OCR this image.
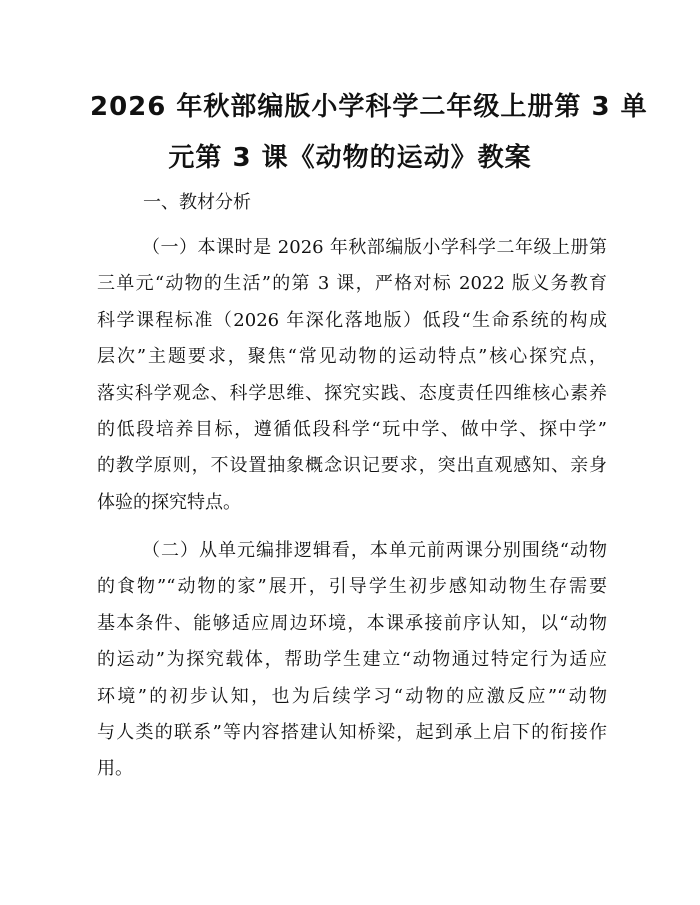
2026 年秋部编版小学科学二年级上册第 3 单
元第 3 课《动物的运动》教案

一、教材分析

（一）本课时是 2026 年秋部编版小学科学二年级上册第
三单元“动物的生活”的第 3 课，严格对标 2022 版义务教育
科学课程标准（2026 年深化落地版）低段“生命系统的构成
层次”主题要求，聚焦“常见动物的运动特点”核心探究点，
落实科学观念、科学思维、探究实践、态度责任四维核心素养
的低段培养目标，遵循低段科学“玩中学、做中学、探中学”
的教学原则，不设置抽象概念识记要求，突出直观感知、亲身
体验的探究特点。

（二）从单元编排逻辑看，本单元前两课分别围绕“动物
的食物”“动物的家”展开，引导学生初步感知动物生存需要
基本条件、能够适应周边环境，本课承接前序认知，以“动物
的运动”为探究载体，帮助学生建立“动物通过特定行为适应
环境”的初步认知，也为后续学习“动物的应激反应”“动物
与人类的联系”等内容搭建认知桥梁，起到承上启下的衔接作
用。
